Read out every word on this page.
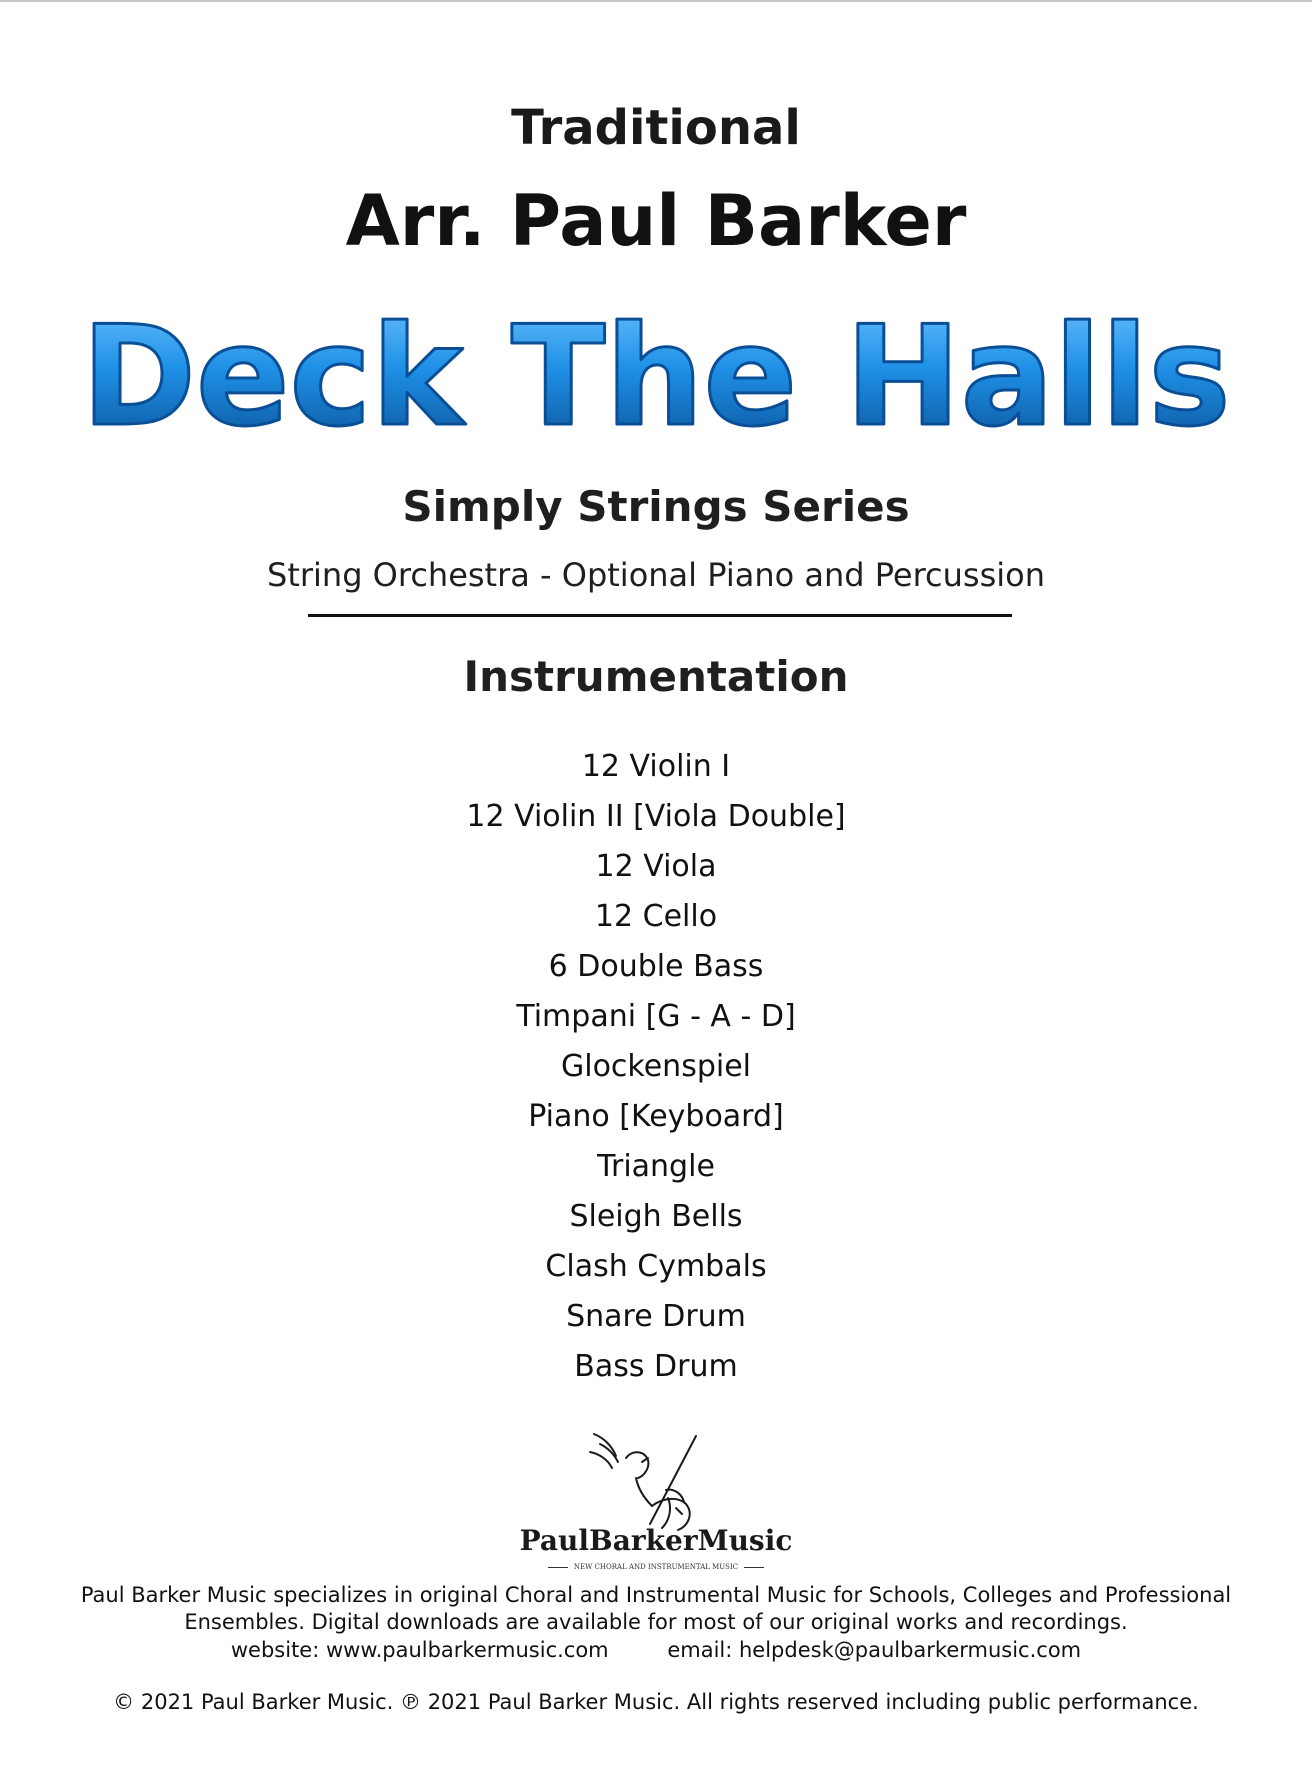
Traditional
Arr. Paul Barker
Deck The Halls
Simply Strings Series
String Orchestra - Optional Piano and Percussion
Instrumentation
12 Violin I
12 Violin II [Viola Double]
12 Viola
12 Cello
6 Double Bass
Timpani [G - A - D]
Glockenspiel
Piano [Keyboard]
Triangle
Sleigh Bells
Clash Cymbals
Snare Drum
Bass Drum
PaulBarkerMusic
NEW CHORAL AND INSTRUMENTAL MUSIC
Paul Barker Music specializes in original Choral and Instrumental Music for Schools, Colleges and Professional Ensembles. Digital downloads are available for most of our original works and recordings.
website: www.paulbarkermusic.com	email: helpdesk@paulbarkermusic.com
© 2021 Paul Barker Music. ℗ 2021 Paul Barker Music. All rights reserved including public performance.
